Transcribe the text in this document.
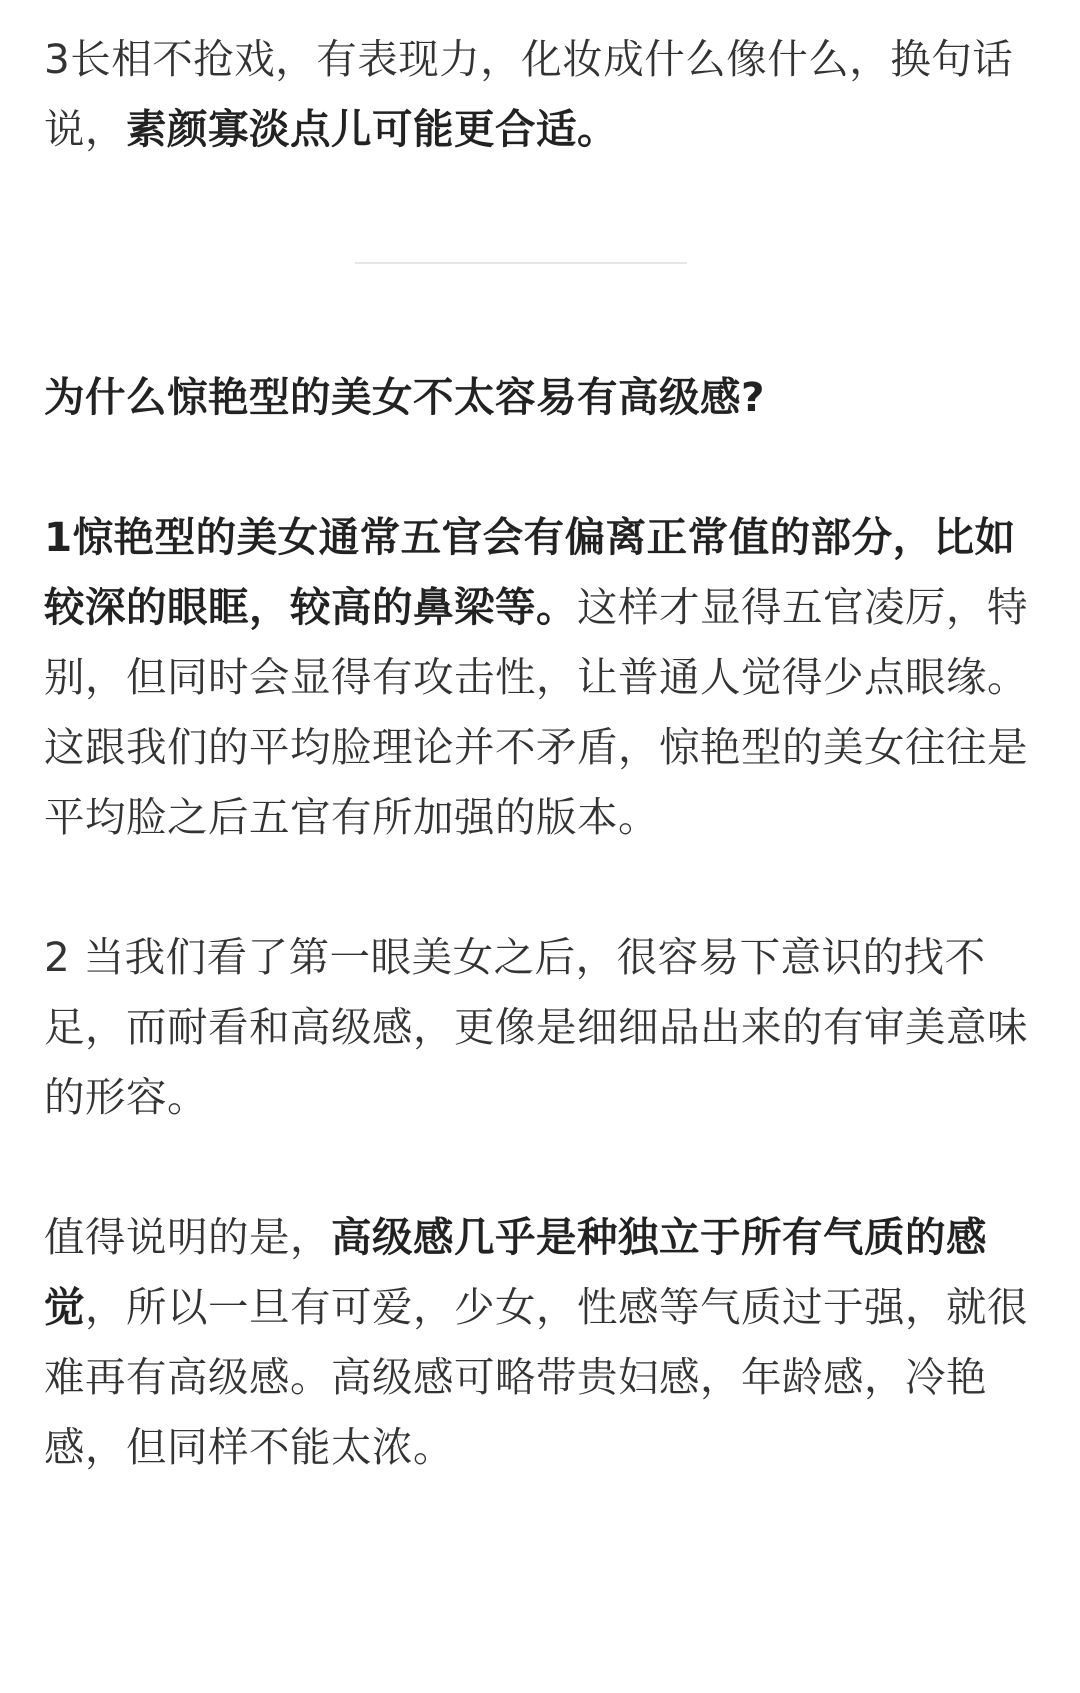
3长相不抢戏，有表现力，化妆成什么像什么，换句话说，素颜寡淡点儿可能更合适。

为什么惊艳型的美女不太容易有高级感?

1惊艳型的美女通常五官会有偏离正常值的部分，比如较深的眼眶，较高的鼻梁等。这样才显得五官凌厉，特别，但同时会显得有攻击性，让普通人觉得少点眼缘。这跟我们的平均脸理论并不矛盾，惊艳型的美女往往是平均脸之后五官有所加强的版本。

2 当我们看了第一眼美女之后，很容易下意识的找不足，而耐看和高级感，更像是细细品出来的有审美意味的形容。

值得说明的是，高级感几乎是种独立于所有气质的感觉，所以一旦有可爱，少女，性感等气质过于强，就很难再有高级感。高级感可略带贵妇感，年龄感，冷艳感，但同样不能太浓。
